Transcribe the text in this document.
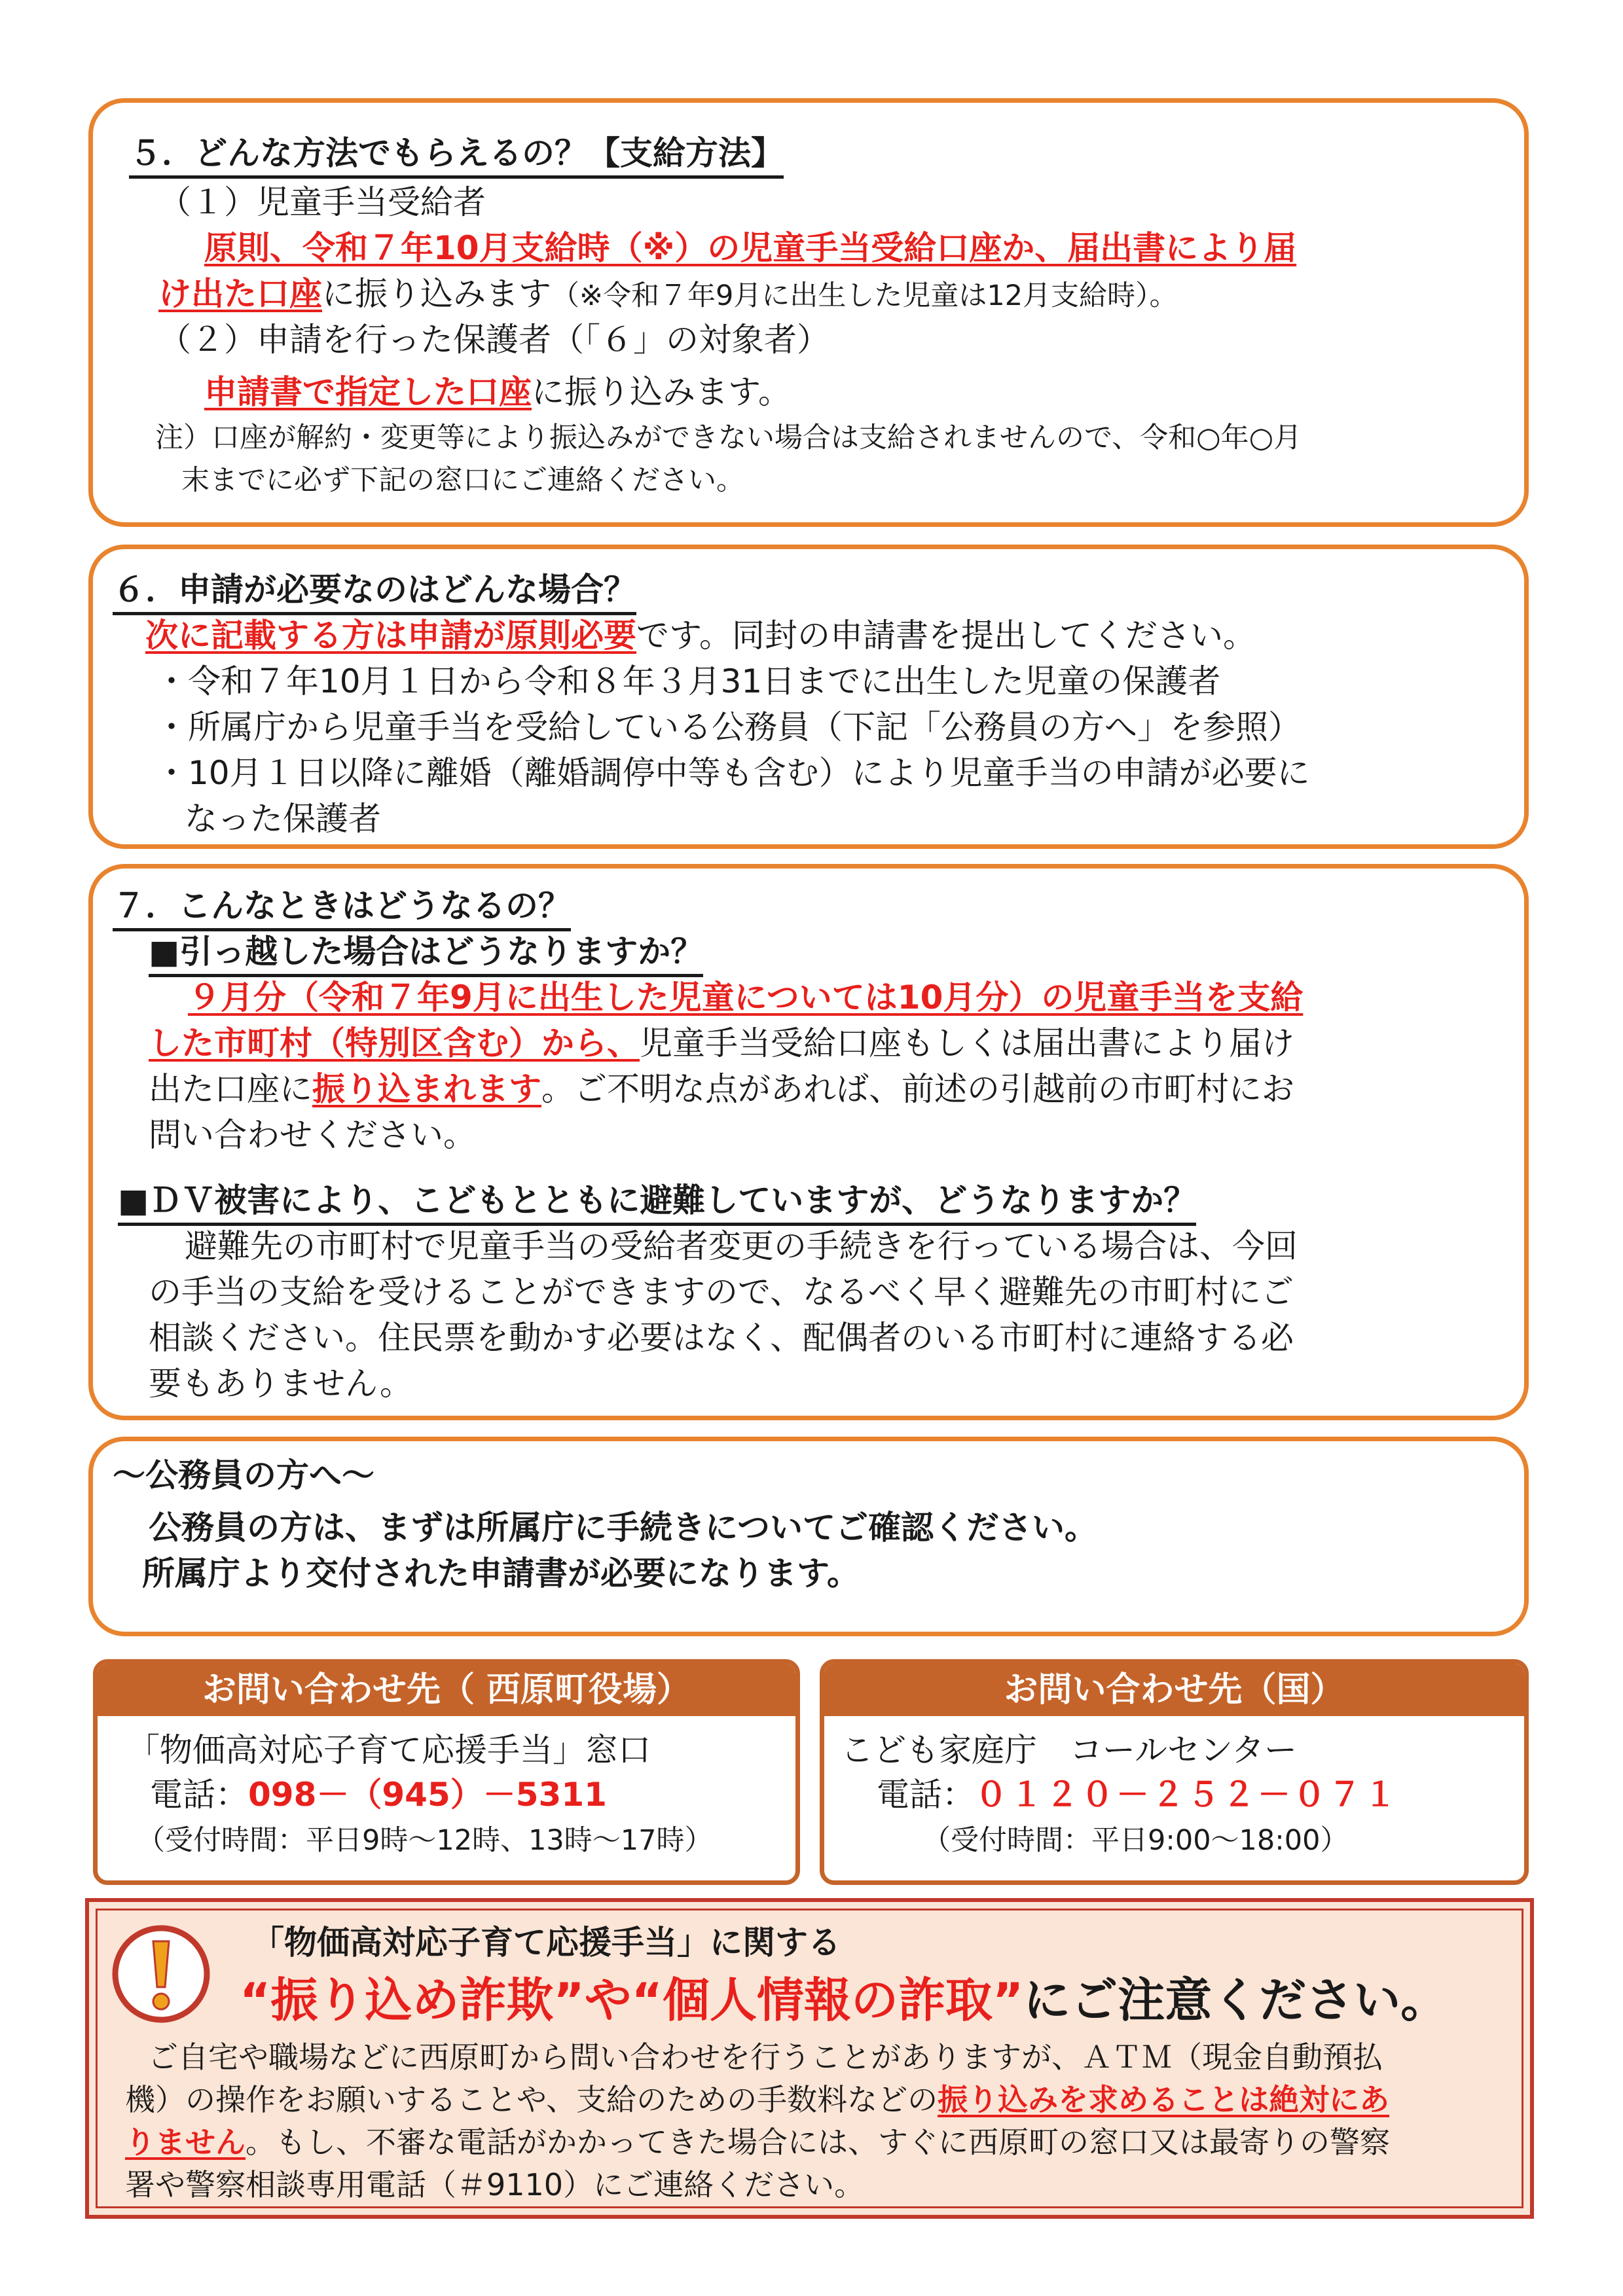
５．どんな方法でもらえるの？【支給方法】
（１）児童手当受給者
原則、令和７年10月支給時（※）の児童手当受給口座か、届出書により届
け出た口座に振り込みます（※令和７年9月に出生した児童は12月支給時）。
（２）申請を行った保護者（「６」の対象者）
申請書で指定した口座に振り込みます。
注）口座が解約・変更等により振込みができない場合は支給されませんので、令和○年○月
末までに必ず下記の窓口にご連絡ください。
６．申請が必要なのはどんな場合？
次に記載する方は申請が原則必要です。同封の申請書を提出してください。
・令和７年10月１日から令和８年３月31日までに出生した児童の保護者
・所属庁から児童手当を受給している公務員（下記「公務員の方へ」を参照）
・10月１日以降に離婚（離婚調停中等も含む）により児童手当の申請が必要に
なった保護者
７．こんなときはどうなるの？
■引っ越した場合はどうなりますか？
９月分（令和７年9月に出生した児童については10月分）の児童手当を支給
した市町村（特別区含む）から、児童手当受給口座もしくは届出書により届け
出た口座に振り込まれます。ご不明な点があれば、前述の引越前の市町村にお
問い合わせください。
■ＤＶ被害により、こどもとともに避難していますが、どうなりますか？
避難先の市町村で児童手当の受給者変更の手続きを行っている場合は、今回
の手当の支給を受けることができますので、なるべく早く避難先の市町村にご
相談ください。住民票を動かす必要はなく、配偶者のいる市町村に連絡する必
要もありません。
～公務員の方へ～
公務員の方は、まずは所属庁に手続きについてご確認ください。
所属庁より交付された申請書が必要になります。
お問い合わせ先（ 西原町役場）
「物価高対応子育て応援手当」窓口
電話：098－（945）－5311
（受付時間：平日9時～12時、13時～17時）
お問い合わせ先（国）
こども家庭庁　コールセンター
電話：０１２０－２５２－０７１
（受付時間：平日9:00～18:00）
「物価高対応子育て応援手当」に関する
“振り込め詐欺”や“個人情報の詐取”にご注意ください。
ご自宅や職場などに西原町から問い合わせを行うことがありますが、ＡＴＭ（現金自動預払
機）の操作をお願いすることや、支給のための手数料などの振り込みを求めることは絶対にあ
りません。もし、不審な電話がかかってきた場合には、すぐに西原町の窓口又は最寄りの警察
署や警察相談専用電話（＃9110）にご連絡ください。
